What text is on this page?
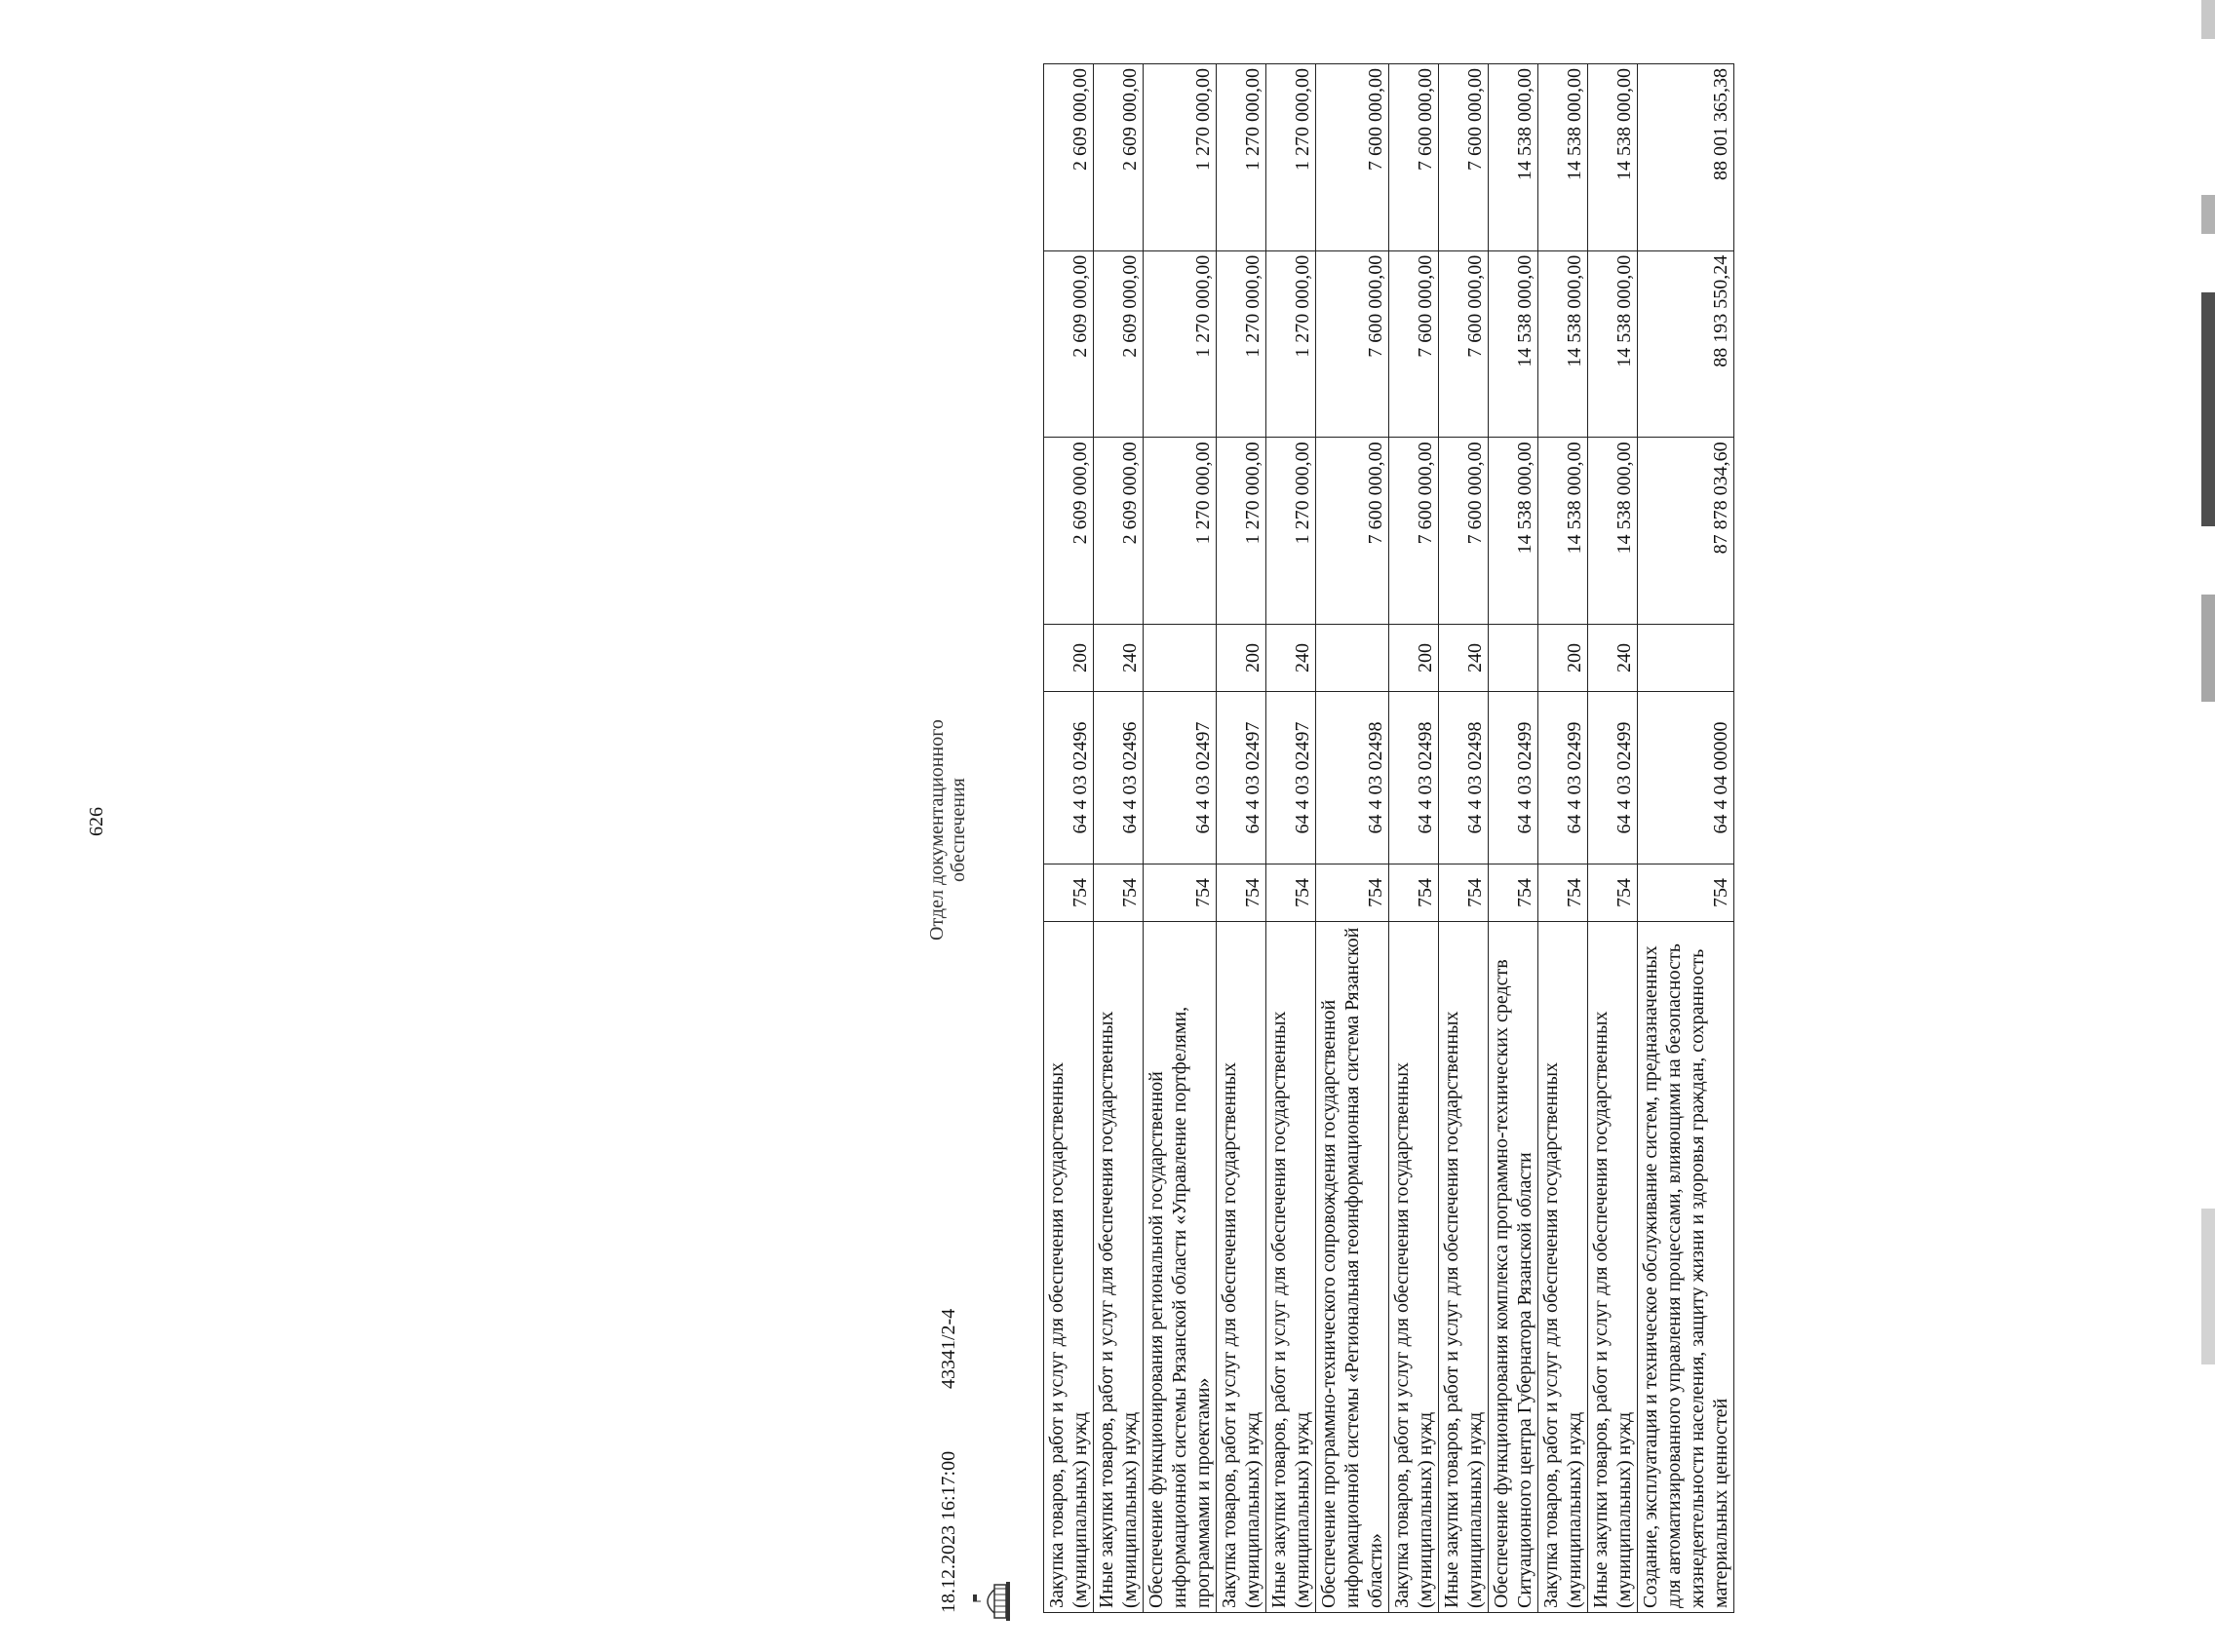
626
Закупка товаров, работ и услуг для обеспечения государственных (муниципальных) нужд	754	64 4 03 02496	200	2 609 000,00	2 609 000,00	2 609 000,00
Иные закупки товаров, работ и услуг для обеспечения государственных (муниципальных) нужд	754	64 4 03 02496	240	2 609 000,00	2 609 000,00	2 609 000,00
Обеспечение функционирования региональной государственной информационной системы Рязанской области «Управление портфелями, программами и проектами»	754	64 4 03 02497		1 270 000,00	1 270 000,00	1 270 000,00
Закупка товаров, работ и услуг для обеспечения государственных (муниципальных) нужд	754	64 4 03 02497	200	1 270 000,00	1 270 000,00	1 270 000,00
Иные закупки товаров, работ и услуг для обеспечения государственных (муниципальных) нужд	754	64 4 03 02497	240	1 270 000,00	1 270 000,00	1 270 000,00
Обеспечение программно-технического сопровождения государственной информационной системы «Региональная геоинформационная система Рязанской области»	754	64 4 03 02498		7 600 000,00	7 600 000,00	7 600 000,00
Закупка товаров, работ и услуг для обеспечения государственных (муниципальных) нужд	754	64 4 03 02498	200	7 600 000,00	7 600 000,00	7 600 000,00
Иные закупки товаров, работ и услуг для обеспечения государственных (муниципальных) нужд	754	64 4 03 02498	240	7 600 000,00	7 600 000,00	7 600 000,00
Обеспечение функционирования комплекса программно-технических средств Ситуационного центра Губернатора Рязанской области	754	64 4 03 02499		14 538 000,00	14 538 000,00	14 538 000,00
Закупка товаров, работ и услуг для обеспечения государственных (муниципальных) нужд	754	64 4 03 02499	200	14 538 000,00	14 538 000,00	14 538 000,00
Иные закупки товаров, работ и услуг для обеспечения государственных (муниципальных) нужд	754	64 4 03 02499	240	14 538 000,00	14 538 000,00	14 538 000,00
Создание, эксплуатация и техническое обслуживание систем, предназначенных для автоматизированного управления процессами, влияющими на безопасность жизнедеятельности населения, защиту жизни и здоровья граждан, сохранность материальных ценностей	754	64 4 04 00000		87 878 034,60	88 193 550,24	88 001 365,38
18.12.2023 16:17:00
43341/2-4
Отдел документационного обеспечения
